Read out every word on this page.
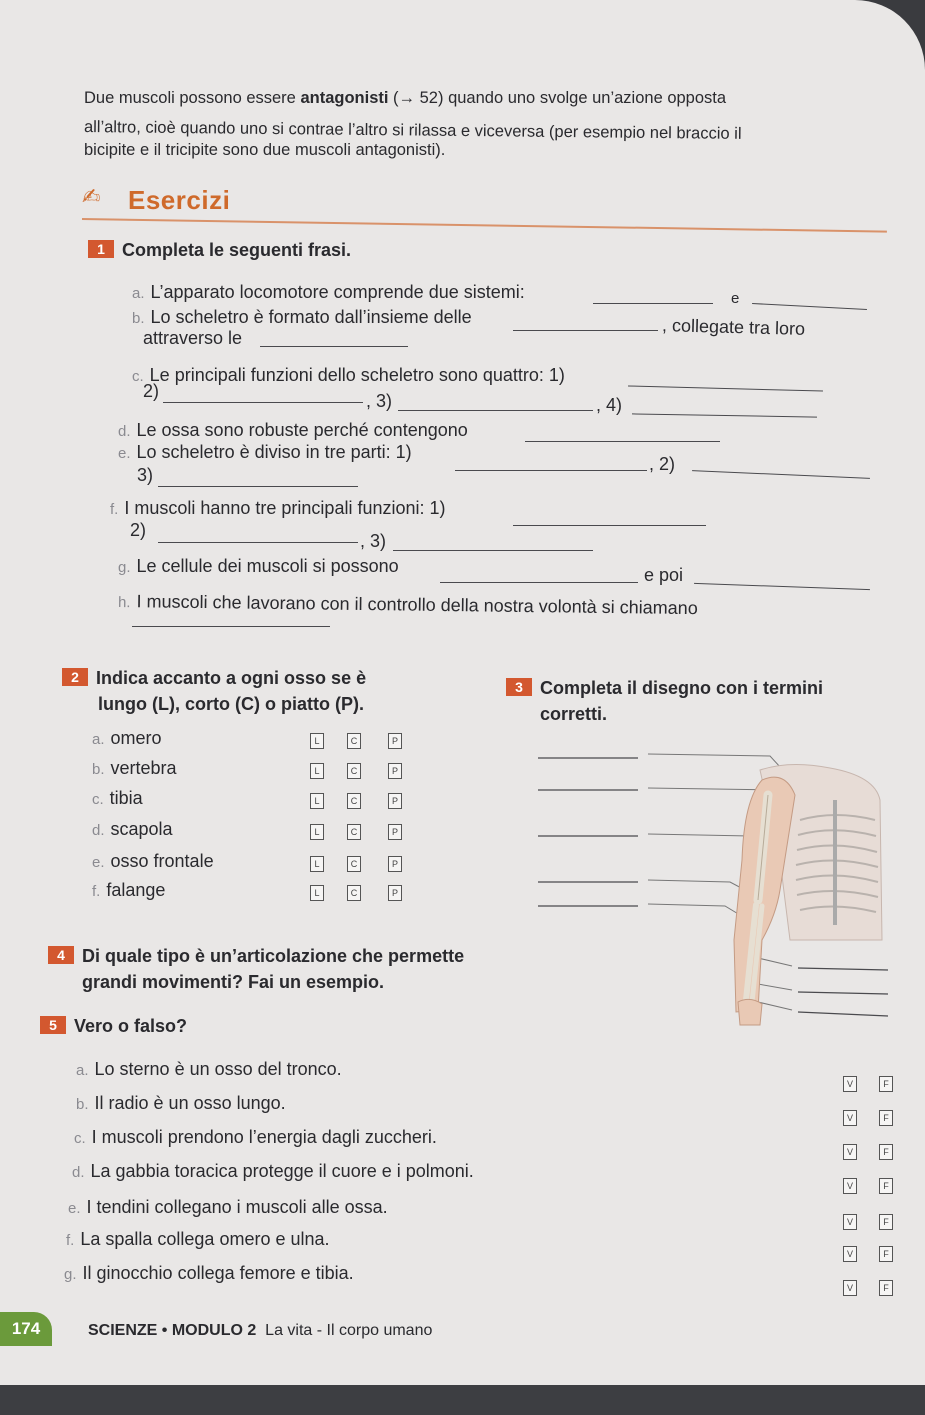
Due muscoli possono essere antagonisti (→ 52) quando uno svolge un’azione opposta
all’altro, cioè quando uno si contrae l’altro si rilassa e viceversa (per esempio nel braccio il
bicipite e il tricipite sono due muscoli antagonisti).
✍ Esercizi
1 Completa le seguenti frasi.
a. L’apparato locomotore comprende due sistemi:	e
b. Lo scheletro è formato dall’insieme delle	, collegate tra loro
attraverso le
c. Le principali funzioni dello scheletro sono quattro: 1)
2)	, 3)	, 4)
d. Le ossa sono robuste perché contengono
e. Lo scheletro è diviso in tre parti: 1)
, 2)
3)
f. I muscoli hanno tre principali funzioni: 1)
2)
, 3)
g. Le cellule dei muscoli si possono	e poi
h. I muscoli che lavorano con il controllo della nostra volontà si chiamano
2 Indica accanto a ogni osso se è
lungo (L), corto (C) o piatto (P).
a. omero	L	C	P
b. vertebra	L	C	P
c. tibia	L	C	P
d. scapola	L	C	P
e. osso frontale	L	C	P
f. falange	L	C	P
3 Completa il disegno con i termini
corretti.
4 Di quale tipo è un’articolazione che permette
grandi movimenti? Fai un esempio.
5 Vero o falso?
a. Lo sterno è un osso del tronco.
V	F
b. Il radio è un osso lungo.
V	F
c. I muscoli prendono l’energia dagli zuccheri.
V	F
d. La gabbia toracica protegge il cuore e i polmoni.
V	F
e. I tendini collegano i muscoli alle ossa.
V	F
f. La spalla collega omero e ulna.
V	F
g. Il ginocchio collega femore e tibia.
V	F
174	SCIENZE • MODULO 2 La vita - Il corpo umano
